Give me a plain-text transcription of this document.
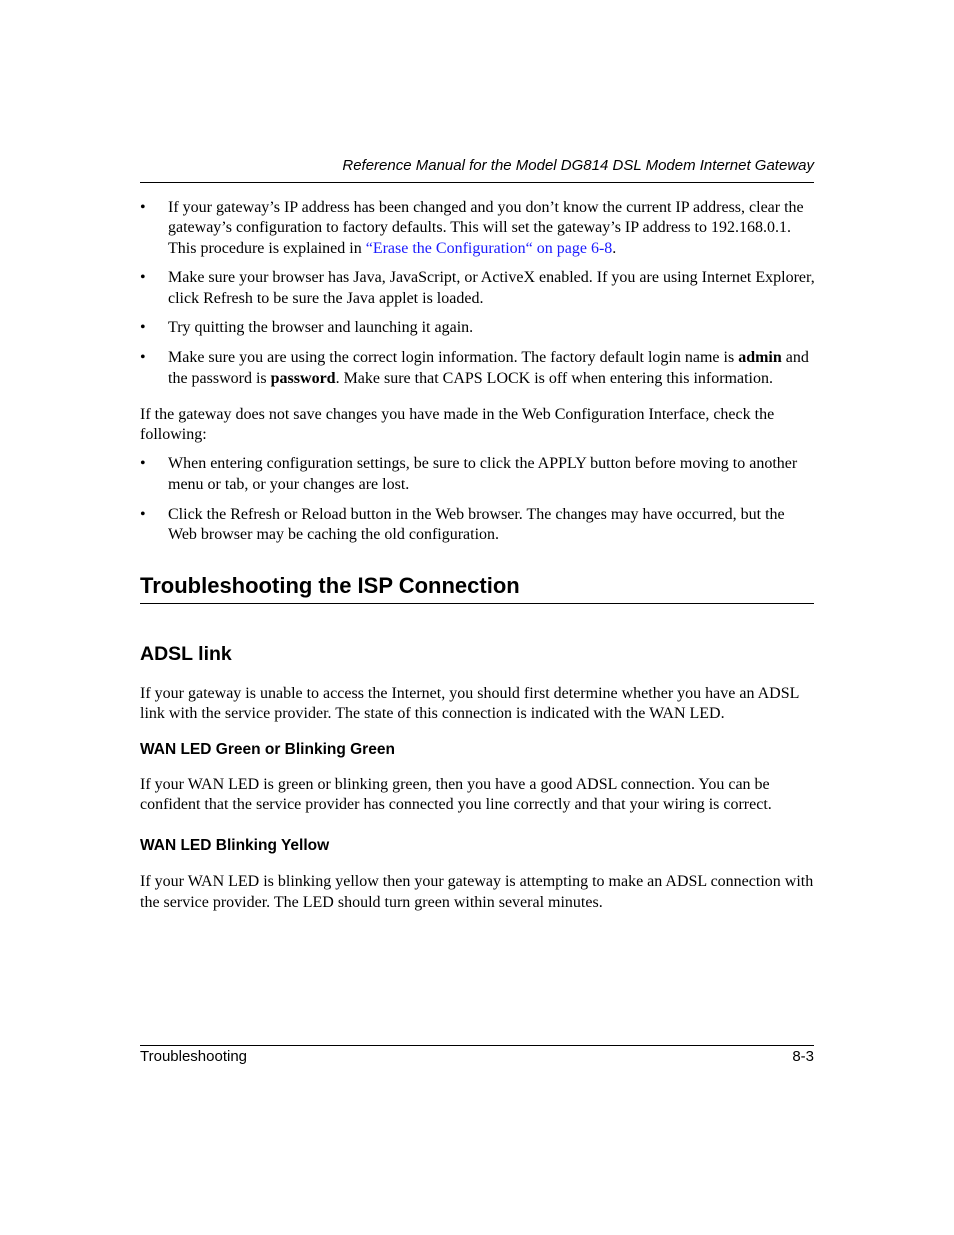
Reference Manual for the Model DG814 DSL Modem Internet Gateway
• If your gateway’s IP address has been changed and you don’t know the current IP address, clear the gateway’s configuration to factory defaults. This will set the gateway’s IP address to 192.168.0.1. This procedure is explained in “Erase the Configuration“ on page 6-8.
• Make sure your browser has Java, JavaScript, or ActiveX enabled. If you are using Internet Explorer, click Refresh to be sure the Java applet is loaded.
• Try quitting the browser and launching it again.
• Make sure you are using the correct login information. The factory default login name is admin and the password is password. Make sure that CAPS LOCK is off when entering this information.

If the gateway does not save changes you have made in the Web Configuration Interface, check the following:

• When entering configuration settings, be sure to click the APPLY button before moving to another menu or tab, or your changes are lost.
• Click the Refresh or Reload button in the Web browser. The changes may have occurred, but the Web browser may be caching the old configuration.
Troubleshooting the ISP Connection
ADSL link

If your gateway is unable to access the Internet, you should first determine whether you have an ADSL link with the service provider. The state of this connection is indicated with the WAN LED.

WAN LED Green or Blinking Green

If your WAN LED is green or blinking green, then you have a good ADSL connection. You can be confident that the service provider has connected you line correctly and that your wiring is correct.

WAN LED Blinking Yellow

If your WAN LED is blinking yellow then your gateway is attempting to make an ADSL connection with the service provider. The LED should turn green within several minutes.

Troubleshooting	8-3
